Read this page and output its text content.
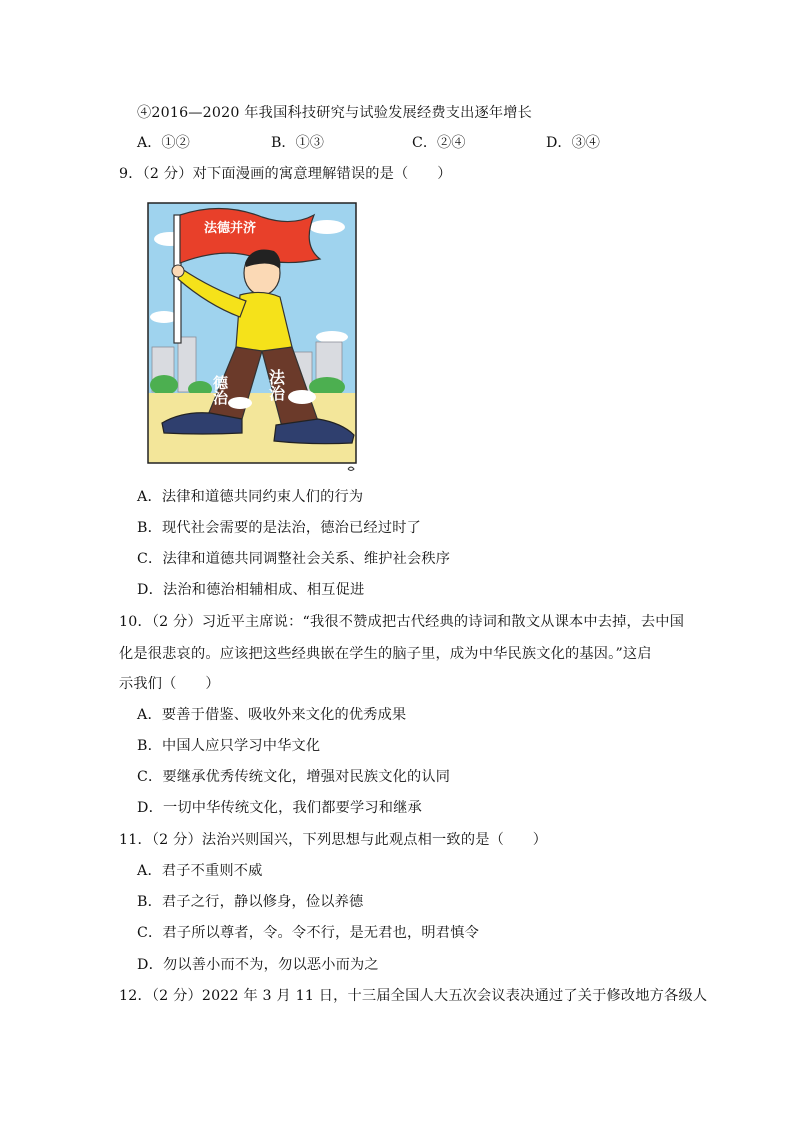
④2016—2020 年我国科技研究与试验发展经费支出逐年增长
A．①②	B．①③	C．②④	D．③④
9．（2 分）对下面漫画的寓意理解错误的是（　　）
法德并济
德治 法治
A．法律和道德共同约束人们的行为
B．现代社会需要的是法治，德治已经过时了
C．法律和道德共同调整社会关系、维护社会秩序
D．法治和德治相辅相成、相互促进
10．（2 分）习近平主席说：“我很不赞成把古代经典的诗词和散文从课本中去掉，去中国
化是很悲哀的。应该把这些经典嵌在学生的脑子里，成为中华民族文化的基因。”这启
示我们（　　）
A．要善于借鉴、吸收外来文化的优秀成果
B．中国人应只学习中华文化
C．要继承优秀传统文化，增强对民族文化的认同
D．一切中华传统文化，我们都要学习和继承
11．（2 分）法治兴则国兴，下列思想与此观点相一致的是（　　）
A．君子不重则不威
B．君子之行，静以修身，俭以养德
C．君子所以尊者，令。令不行，是无君也，明君慎令
D．勿以善小而不为，勿以恶小而为之
12．（2 分）2022 年 3 月 11 日，十三届全国人大五次会议表决通过了关于修改地方各级人
